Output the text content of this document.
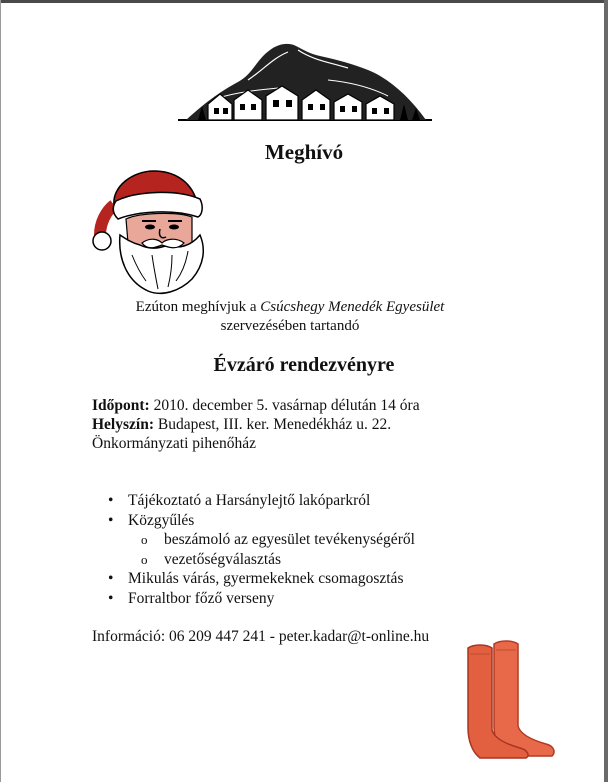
Meghívó
Ezúton meghívjuk a Csúcshegy Menedék Egyesület
szervezésében tartandó
Évzáró rendezvényre
Időpont: 2010. december 5. vasárnap délután 14 óra
Helyszín: Budapest, III. ker. Menedékház u. 22.
Önkormányzati pihenőház
• Tájékoztató a Harsánylejtő lakóparkról
• Közgyűlés
o beszámoló az egyesület tevékenységéről
o vezetőségválasztás
• Mikulás várás, gyermekeknek csomagosztás
• Forraltbor főző verseny
Információ: 06 209 447 241 - peter.kadar@t-online.hu
